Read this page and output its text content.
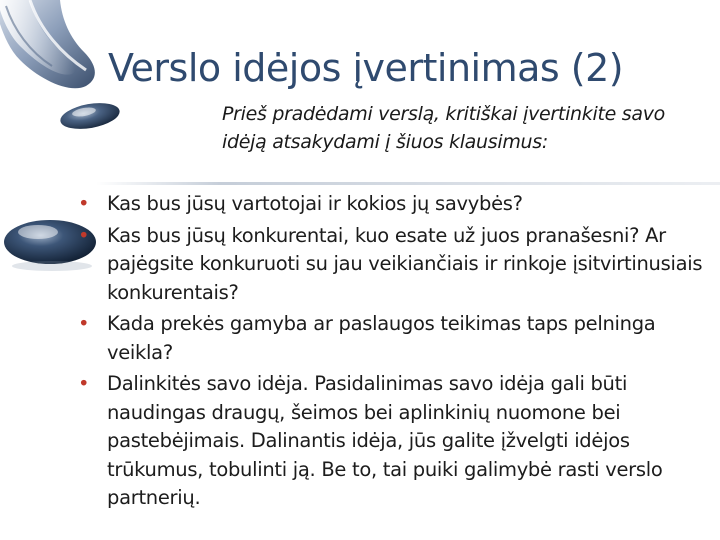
Verslo idėjos įvertinimas (2)
Prieš pradėdami verslą, kritiškai įvertinkite savo idėją atsakydami į šiuos klausimus:
• Kas bus jūsų vartotojai ir kokios jų savybės?
• Kas bus jūsų konkurentai, kuo esate už juos pranašesni? Ar pajėgsite konkuruoti su jau veikiančiais ir rinkoje įsitvirtinusiais konkurentais?
• Kada prekės gamyba ar paslaugos teikimas taps pelninga veikla?
• Dalinkitės savo idėja. Pasidalinimas savo idėja gali būti naudingas draugų, šeimos bei aplinkinių nuomone bei pastebėjimais. Dalinantis idėja, jūs galite įžvelgti idėjos trūkumus, tobulinti ją. Be to, tai puiki galimybė rasti verslo partnerių.
